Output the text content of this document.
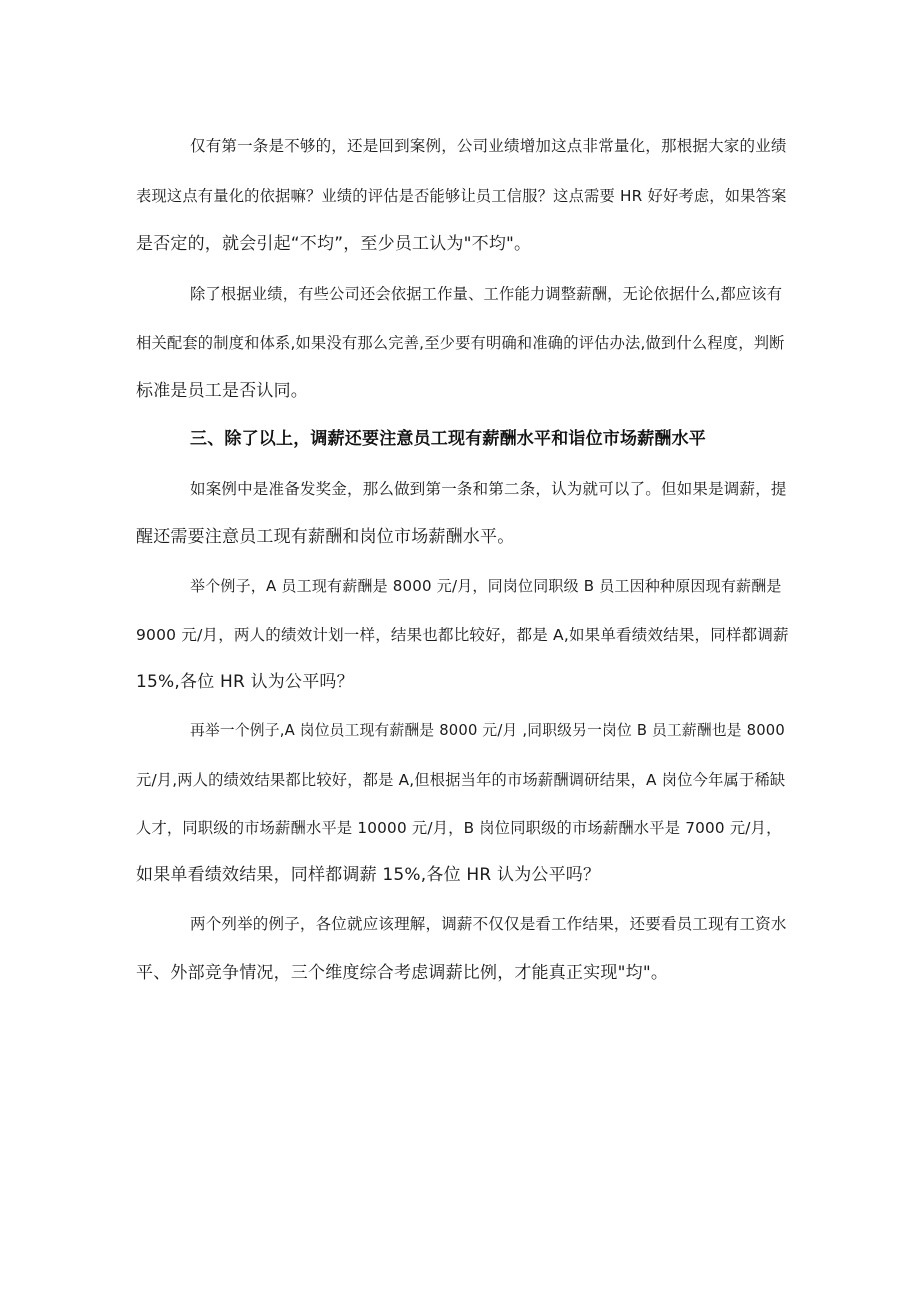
仅有第一条是不够的，还是回到案例，公司业绩增加这点非常量化，那根据大家的业绩
表现这点有量化的依据嘛？业绩的评估是否能够让员工信服？这点需要 HR 好好考虑，如果答案
是否定的，就会引起“不均”，至少员工认为"不均"。
除了根据业绩，有些公司还会依据工作量、工作能力调整薪酬，无论依据什么,都应该有
相关配套的制度和体系,如果没有那么完善,至少要有明确和准确的评估办法,做到什么程度，判断
标准是员工是否认同。
三、除了以上，调薪还要注意员工现有薪酬水平和诣位市场薪酬水平
如案例中是准备发奖金，那么做到第一条和第二条，认为就可以了。但如果是调薪，提
醒还需要注意员工现有薪酬和岗位市场薪酬水平。
举个例子，A 员工现有薪酬是 8000 元/月，同岗位同职级 B 员工因种种原因现有薪酬是
9000 元/月，两人的绩效计划一样，结果也都比较好，都是 A,如果单看绩效结果，同样都调薪
15%,各位 HR 认为公平吗？
再举一个例子,A 岗位员工现有薪酬是 8000 元/月 ,同职级另一岗位 B 员工薪酬也是 8000
元/月,两人的绩效结果都比较好，都是 A,但根据当年的市场薪酬调研结果，A 岗位今年属于稀缺
人才，同职级的市场薪酬水平是 10000 元/月，B 岗位同职级的市场薪酬水平是 7000 元/月，
如果单看绩效结果，同样都调薪 15%,各位 HR 认为公平吗？
两个列举的例子，各位就应该理解，调薪不仅仅是看工作结果，还要看员工现有工资水
平、外部竞争情况，三个维度综合考虑调薪比例，才能真正实现"均"。
